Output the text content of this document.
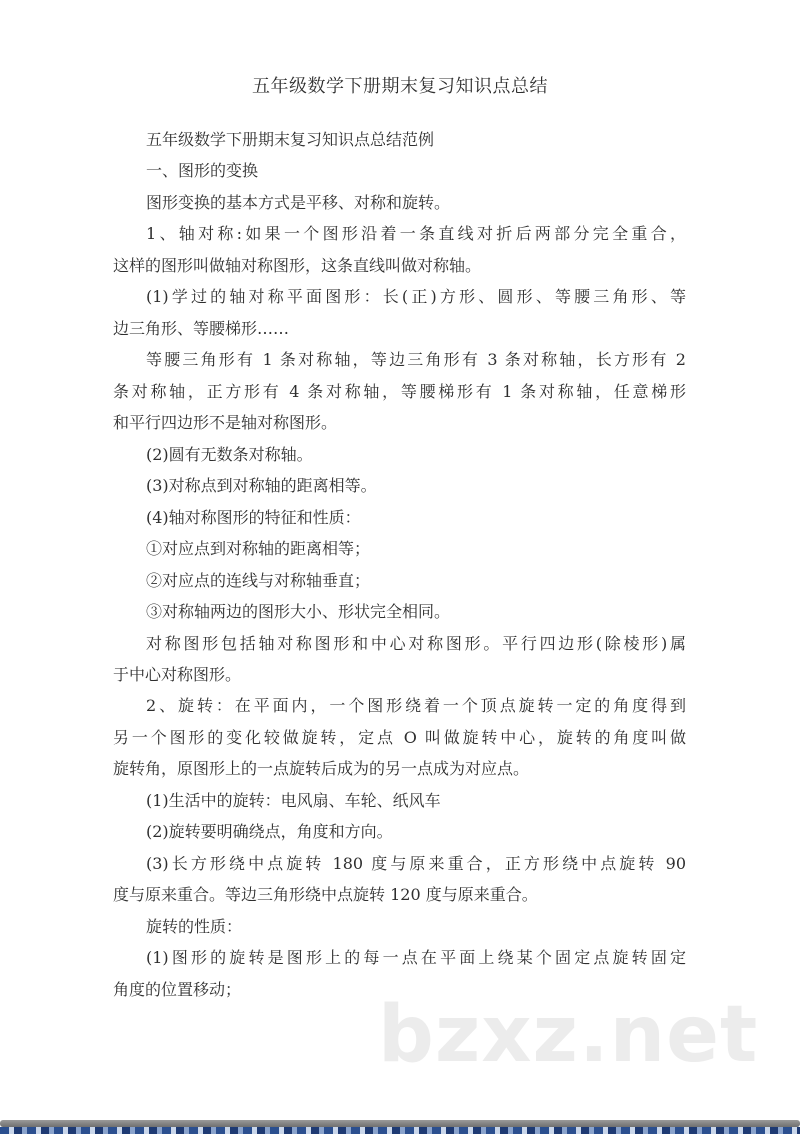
五年级数学下册期末复习知识点总结
五年级数学下册期末复习知识点总结范例
一、图形的变换
图形变换的基本方式是平移、对称和旋转。
1、轴对称:如果一个图形沿着一条直线对折后两部分完全重合，
这样的图形叫做轴对称图形，这条直线叫做对称轴。
(1)学过的轴对称平面图形：长(正)方形、圆形、等腰三角形、等
边三角形、等腰梯形……
等腰三角形有 1 条对称轴，等边三角形有 3 条对称轴，长方形有 2
条对称轴，正方形有 4 条对称轴，等腰梯形有 1 条对称轴，任意梯形
和平行四边形不是轴对称图形。
(2)圆有无数条对称轴。
(3)对称点到对称轴的距离相等。
(4)轴对称图形的特征和性质：
①对应点到对称轴的距离相等；
②对应点的连线与对称轴垂直；
③对称轴两边的图形大小、形状完全相同。
对称图形包括轴对称图形和中心对称图形。平行四边形(除棱形)属
于中心对称图形。
2、旋转：在平面内，一个图形绕着一个顶点旋转一定的角度得到
另一个图形的变化较做旋转，定点 O 叫做旋转中心，旋转的角度叫做
旋转角，原图形上的一点旋转后成为的另一点成为对应点。
(1)生活中的旋转：电风扇、车轮、纸风车
(2)旋转要明确绕点，角度和方向。
(3)长方形绕中点旋转 180 度与原来重合，正方形绕中点旋转 90
度与原来重合。等边三角形绕中点旋转 120 度与原来重合。
旋转的性质：
(1)图形的旋转是图形上的每一点在平面上绕某个固定点旋转固定
角度的位置移动；
bzxz.net
